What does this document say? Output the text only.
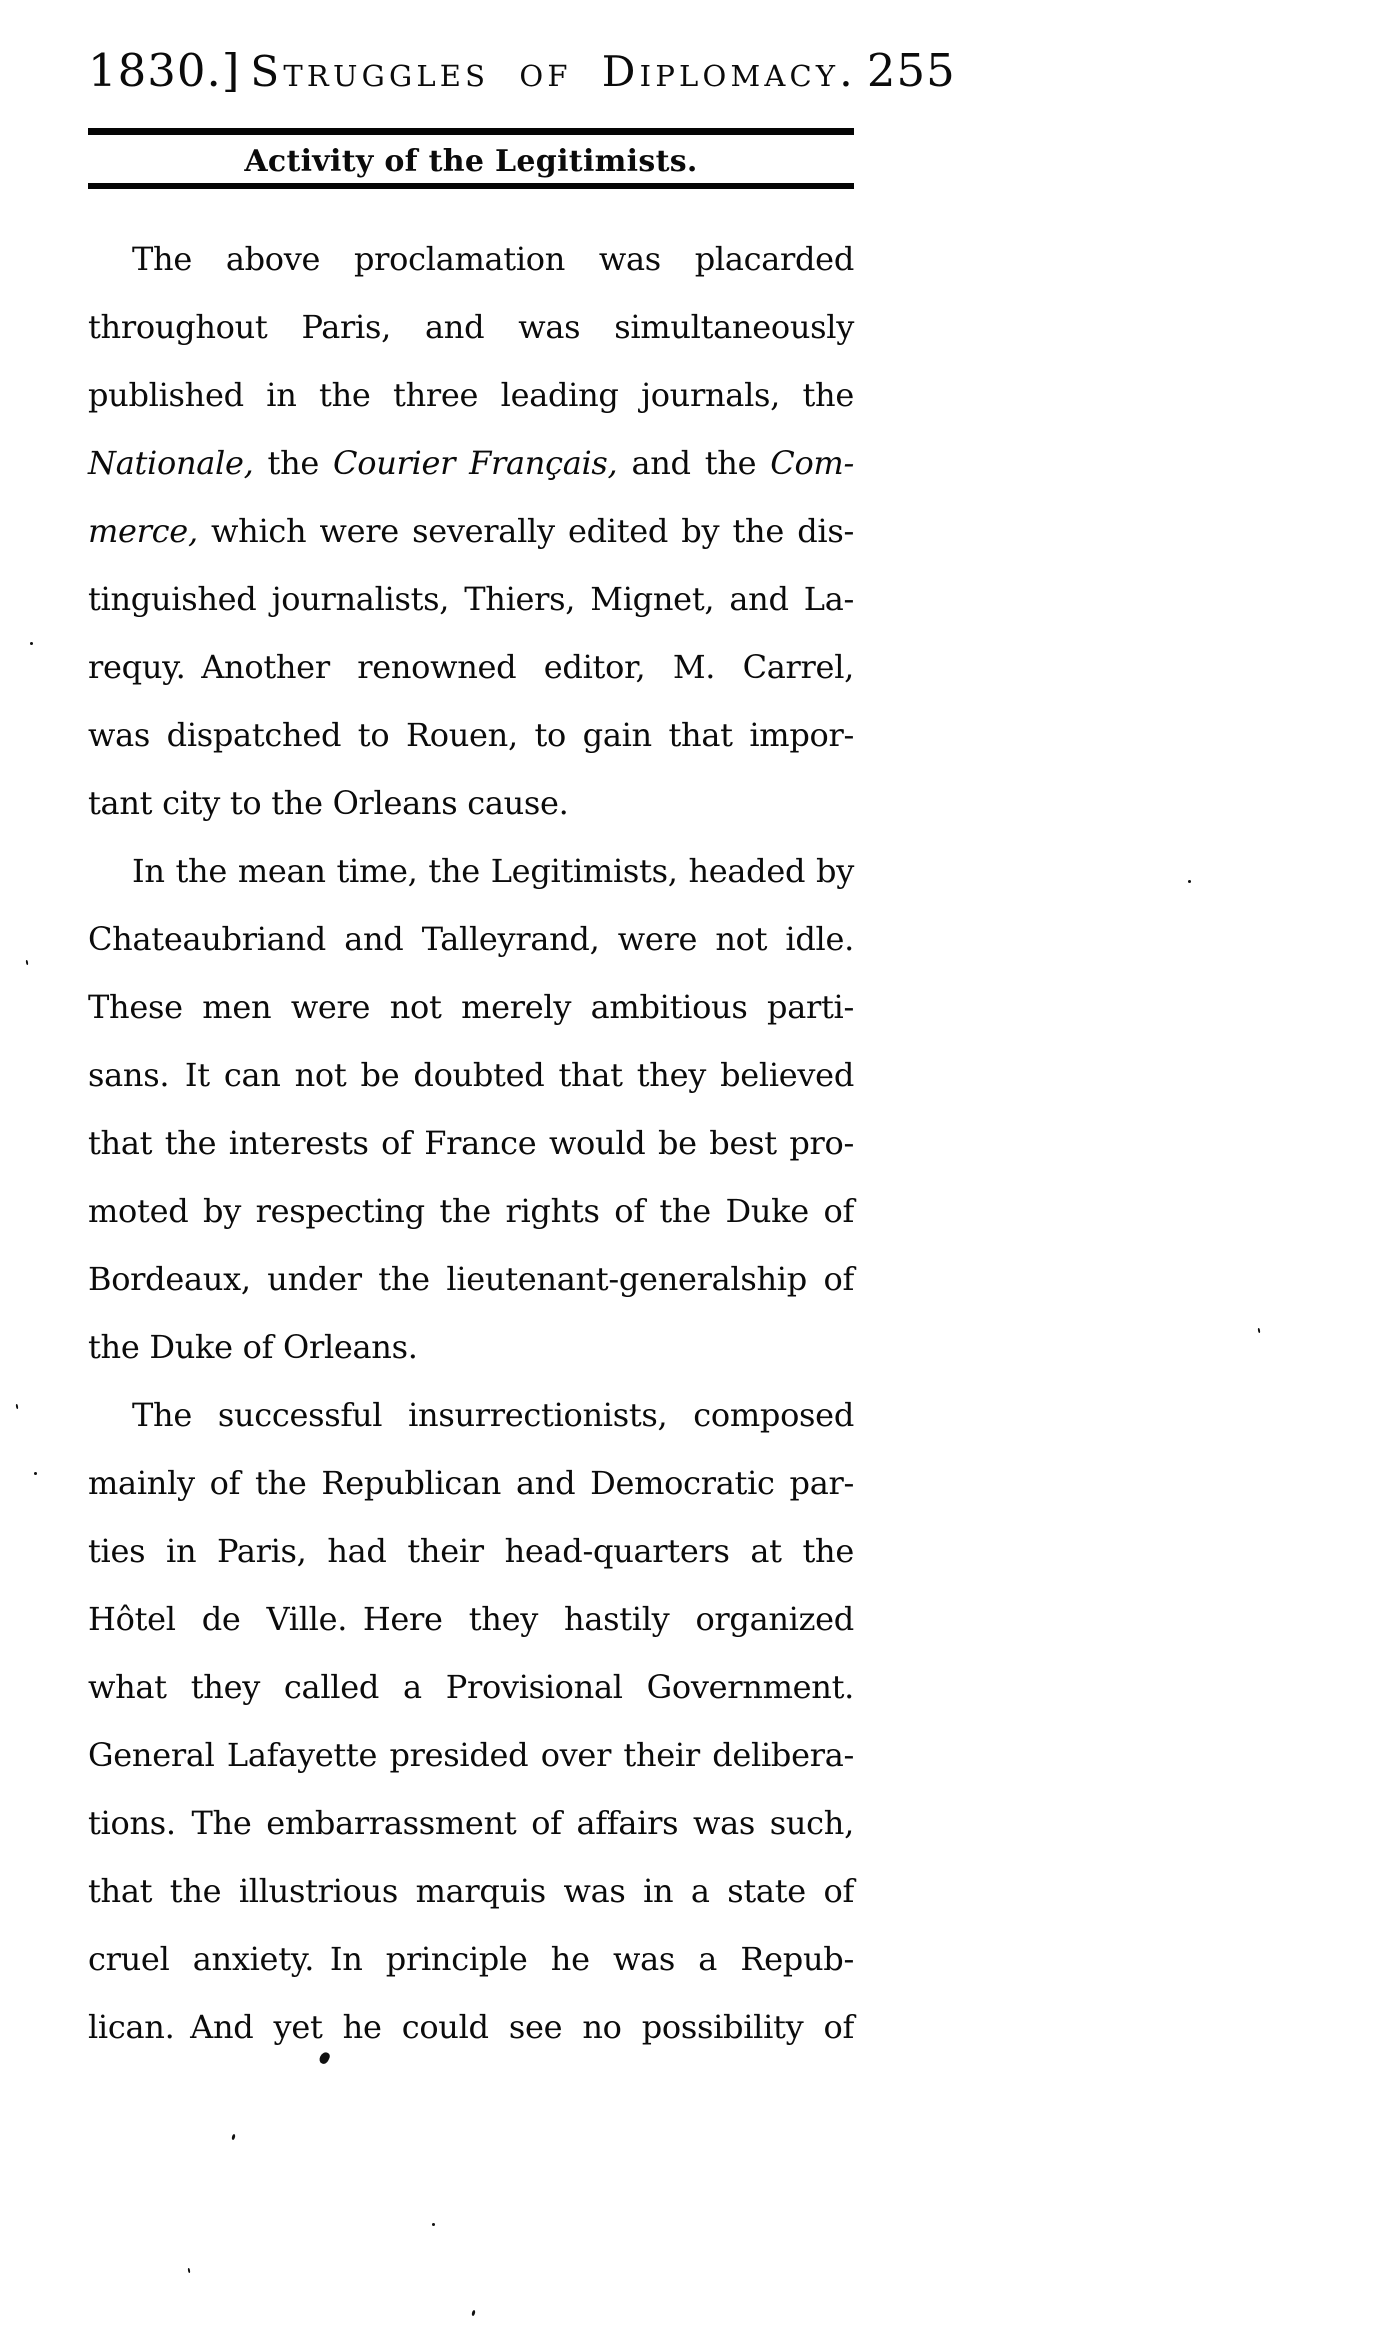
1830.] Struggles of Diplomacy. 255
Activity of the Legitimists.
The above proclamation was placarded
throughout Paris, and was simultaneously
published in the three leading journals, the
Nationale, the Courier Français, and the Com-
merce, which were severally edited by the dis-
tinguished journalists, Thiers, Mignet, and La-
requy. Another renowned editor, M. Carrel,
was dispatched to Rouen, to gain that impor-
tant city to the Orleans cause.
In the mean time, the Legitimists, headed by
Chateaubriand and Talleyrand, were not idle.
These men were not merely ambitious parti-
sans. It can not be doubted that they believed
that the interests of France would be best pro-
moted by respecting the rights of the Duke of
Bordeaux, under the lieutenant-generalship of
the Duke of Orleans.
The successful insurrectionists, composed
mainly of the Republican and Democratic par-
ties in Paris, had their head-quarters at the
Hôtel de Ville. Here they hastily organized
what they called a Provisional Government.
General Lafayette presided over their delibera-
tions. The embarrassment of affairs was such,
that the illustrious marquis was in a state of
cruel anxiety. In principle he was a Repub-
lican. And yet he could see no possibility of
